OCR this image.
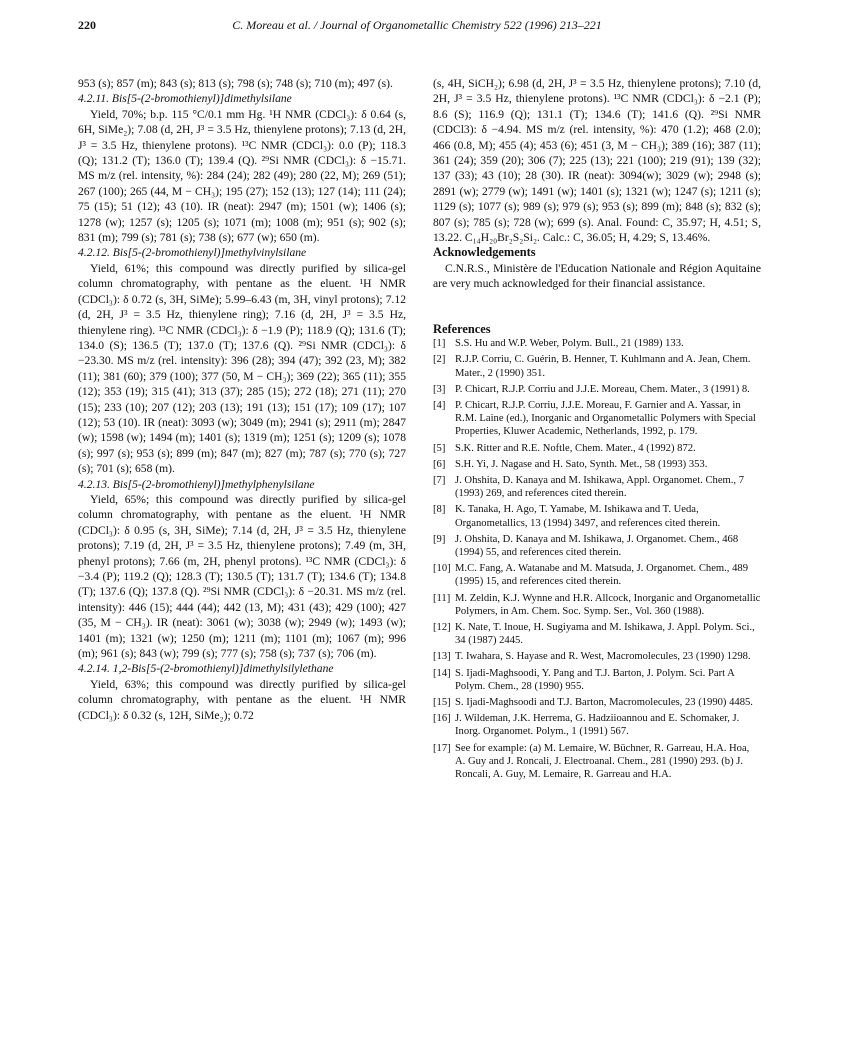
220	C. Moreau et al. / Journal of Organometallic Chemistry 522 (1996) 213–221

953 (s); 857 (m); 843 (s); 813 (s); 798 (s); 748 (s); 710 (m); 497 (s).

4.2.11. Bis[5-(2-bromothienyl)]dimethylsilane

Yield, 70%; b.p. 115 °C/0.1 mm Hg. ¹H NMR (CDCl₃): δ 0.64 (s, 6H, SiMe₂); 7.08 (d, 2H, J³ = 3.5 Hz, thienylene protons); 7.13 (d, 2H, J³ = 3.5 Hz, thienylene protons). ¹³C NMR (CDCl₃): 0.0 (P); 118.3 (Q); 131.2 (T); 136.0 (T); 139.4 (Q). ²⁹Si NMR (CDCl₃): δ −15.71. MS m/z (rel. intensity, %): 284 (24); 282 (49); 280 (22, M); 269 (51); 267 (100); 265 (44, M − CH₃); 195 (27); 152 (13); 127 (14); 111 (24); 75 (15); 51 (12); 43 (10). IR (neat): 2947 (m); 1501 (w); 1406 (s); 1278 (w); 1257 (s); 1205 (s); 1071 (m); 1008 (m); 951 (s); 902 (s); 831 (m); 799 (s); 781 (s); 738 (s); 677 (w); 650 (m).

4.2.12. Bis[5-(2-bromothienyl)]methylvinylsilane

Yield, 61%; this compound was directly purified by silica-gel column chromatography, with pentane as the eluent. ¹H NMR (CDCl₃): δ 0.72 (s, 3H, SiMe); 5.99–6.43 (m, 3H, vinyl protons); 7.12 (d, 2H, J³ = 3.5 Hz, thienylene ring); 7.16 (d, 2H, J³ = 3.5 Hz, thienylene ring). ¹³C NMR (CDCl₃): δ −1.9 (P); 118.9 (Q); 131.6 (T); 134.0 (S); 136.5 (T); 137.0 (T); 137.6 (Q). ²⁹Si NMR (CDCl₃): δ −23.30. MS m/z (rel. intensity): 396 (28); 394 (47); 392 (23, M); 382 (11); 381 (60); 379 (100); 377 (50, M − CH₃); 369 (22); 365 (11); 355 (12); 353 (19); 315 (41); 313 (37); 285 (15); 272 (18); 271 (11); 270 (15); 233 (10); 207 (12); 203 (13); 191 (13); 151 (17); 109 (17); 107 (12); 53 (10). IR (neat): 3093 (w); 3049 (m); 2941 (s); 2911 (m); 2847 (w); 1598 (w); 1494 (m); 1401 (s); 1319 (m); 1251 (s); 1209 (s); 1078 (s); 997 (s); 953 (s); 899 (m); 847 (m); 827 (m); 787 (s); 770 (s); 727 (s); 701 (s); 658 (m).

4.2.13. Bis[5-(2-bromothienyl)]methylphenylsilane

Yield, 65%; this compound was directly purified by silica-gel column chromatography, with pentane as the eluent. ¹H NMR (CDCl₃): δ 0.95 (s, 3H, SiMe); 7.14 (d, 2H, J³ = 3.5 Hz, thienylene protons); 7.19 (d, 2H, J³ = 3.5 Hz, thienylene protons); 7.49 (m, 3H, phenyl protons); 7.66 (m, 2H, phenyl protons). ¹³C NMR (CDCl₃): δ −3.4 (P); 119.2 (Q); 128.3 (T); 130.5 (T); 131.7 (T); 134.6 (T); 134.8 (T); 137.6 (Q); 137.8 (Q). ²⁹Si NMR (CDCl₃): δ −20.31. MS m/z (rel. intensity): 446 (15); 444 (44); 442 (13, M); 431 (43); 429 (100); 427 (35, M − CH₃). IR (neat): 3061 (w); 3038 (w); 2949 (w); 1493 (w); 1401 (m); 1321 (w); 1250 (m); 1211 (m); 1101 (m); 1067 (m); 996 (m); 961 (s); 843 (w); 799 (s); 777 (s); 758 (s); 737 (s); 706 (m).

4.2.14. 1,2-Bis[5-(2-bromothienyl)]dimethylsilylethane

Yield, 63%; this compound was directly purified by silica-gel column chromatography, with pentane as the eluent. ¹H NMR (CDCl₃): δ 0.32 (s, 12H, SiMe₂); 0.72

(s, 4H, SiCH₂); 6.98 (d, 2H, J³ = 3.5 Hz, thienylene protons); 7.10 (d, 2H, J³ = 3.5 Hz, thienylene protons). ¹³C NMR (CDCl₃): δ −2.1 (P); 8.6 (S); 116.9 (Q); 131.1 (T); 134.6 (T); 141.6 (Q). ²⁹Si NMR (CDCl3): δ −4.94. MS m/z (rel. intensity, %): 470 (1.2); 468 (2.0); 466 (0.8, M); 455 (4); 453 (6); 451 (3, M − CH₃); 389 (16); 387 (11); 361 (24); 359 (20); 306 (7); 225 (13); 221 (100); 219 (91); 139 (32); 137 (33); 43 (10); 28 (30). IR (neat): 3094(w); 3029 (w); 2948 (s); 2891 (w); 2779 (w); 1491 (w); 1401 (s); 1321 (w); 1247 (s); 1211 (s); 1129 (s); 1077 (s); 989 (s); 979 (s); 953 (s); 899 (m); 848 (s); 832 (s); 807 (s); 785 (s); 728 (w); 699 (s). Anal. Found: C, 35.97; H, 4.51; S, 13.22. C₁₄H₂₀Br₂S₂Si₂. Calc.: C, 36.05; H, 4.29; S, 13.46%.

Acknowledgements

C.N.R.S., Ministère de l'Education Nationale and Région Aquitaine are very much acknowledged for their financial assistance.

References

[1] S.S. Hu and W.P. Weber, Polym. Bull., 21 (1989) 133.
[2] R.J.P. Corriu, C. Guérin, B. Henner, T. Kuhlmann and A. Jean, Chem. Mater., 2 (1990) 351.
[3] P. Chicart, R.J.P. Corriu and J.J.E. Moreau, Chem. Mater., 3 (1991) 8.
[4] P. Chicart, R.J.P. Corriu, J.J.E. Moreau, F. Garnier and A. Yassar, in R.M. Laine (ed.), Inorganic and Organometallic Polymers with Special Properties, Kluwer Academic, Netherlands, 1992, p. 179.
[5] S.K. Ritter and R.E. Noftle, Chem. Mater., 4 (1992) 872.
[6] S.H. Yi, J. Nagase and H. Sato, Synth. Met., 58 (1993) 353.
[7] J. Ohshita, D. Kanaya and M. Ishikawa, Appl. Organomet. Chem., 7 (1993) 269, and references cited therein.
[8] K. Tanaka, H. Ago, T. Yamabe, M. Ishikawa and T. Ueda, Organometallics, 13 (1994) 3497, and references cited therein.
[9] J. Ohshita, D. Kanaya and M. Ishikawa, J. Organomet. Chem., 468 (1994) 55, and references cited therein.
[10] M.C. Fang, A. Watanabe and M. Matsuda, J. Organomet. Chem., 489 (1995) 15, and references cited therein.
[11] M. Zeldin, K.J. Wynne and H.R. Allcock, Inorganic and Organometallic Polymers, in Am. Chem. Soc. Symp. Ser., Vol. 360 (1988).
[12] K. Nate, T. Inoue, H. Sugiyama and M. Ishikawa, J. Appl. Polym. Sci., 34 (1987) 2445.
[13] T. Iwahara, S. Hayase and R. West, Macromolecules, 23 (1990) 1298.
[14] S. Ijadi-Maghsoodi, Y. Pang and T.J. Barton, J. Polym. Sci. Part A Polym. Chem., 28 (1990) 955.
[15] S. Ijadi-Maghsoodi and T.J. Barton, Macromolecules, 23 (1990) 4485.
[16] J. Wildeman, J.K. Herrema, G. Hadziioannou and E. Schomaker, J. Inorg. Organomet. Polym., 1 (1991) 567.
[17] See for example: (a) M. Lemaire, W. Büchner, R. Garreau, H.A. Hoa, A. Guy and J. Roncali, J. Electroanal. Chem., 281 (1990) 293. (b) J. Roncali, A. Guy, M. Lemaire, R. Garreau and H.A.
